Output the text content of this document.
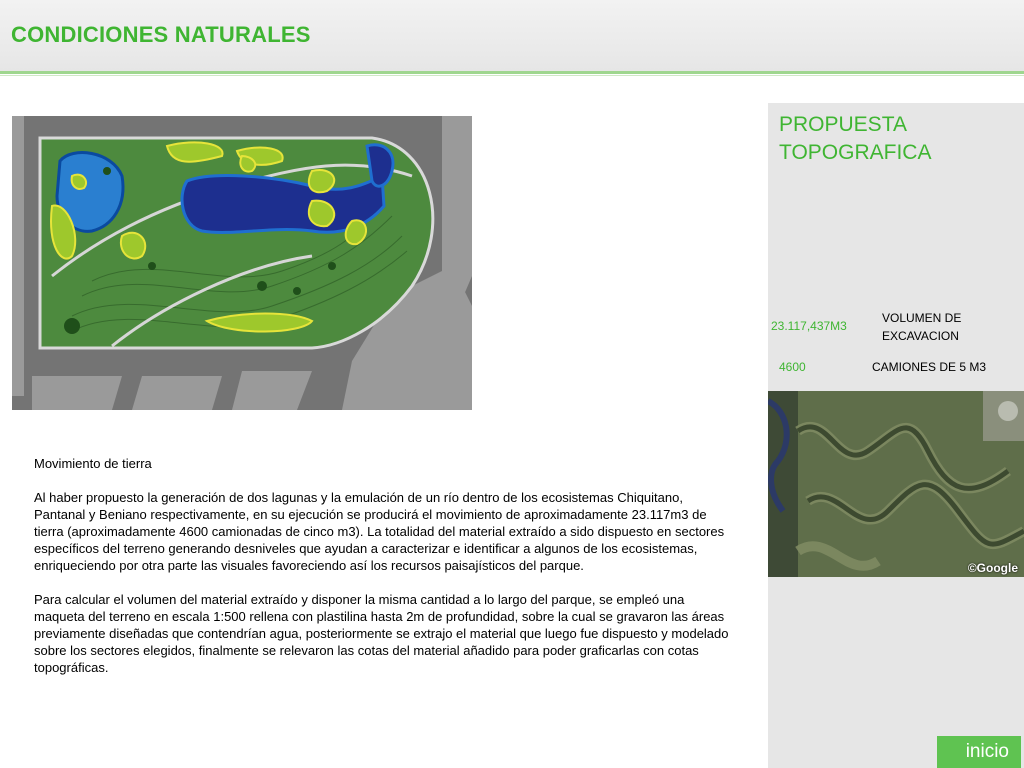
CONDICIONES NATURALES

Movimiento de tierra

Al haber propuesto la generación de dos lagunas y la emulación de un río dentro de los ecosistemas Chiquitano, Pantanal y Beniano respectivamente, en su ejecución se producirá el movimiento de aproximadamente 23.117m3 de tierra (aproximadamente 4600 camionadas de cinco m3). La totalidad del material extraído a sido dispuesto en sectores específicos del terreno generando desniveles que ayudan a caracterizar e identificar a algunos de los ecosistemas, enriqueciendo por otra parte las visuales favoreciendo así los recursos paisajísticos del parque.

Para calcular el volumen del material extraído y disponer la misma cantidad a lo largo del parque, se empleó una maqueta del terreno en escala 1:500 rellena con plastilina hasta 2m de profundidad, sobre la cual se gravaron las áreas previamente diseñadas que contendrían agua, posteriormente se extrajo el material que luego fue dispuesto y modelado sobre los sectores elegidos, finalmente se relevaron las cotas del material añadido para poder graficarlas con cotas topográficas.

PROPUESTA
TOPOGRAFICA
23.117,437M3
VOLUMEN DE
EXCAVACION
4600	CAMIONES DE 5 M3
©Google
inicio
